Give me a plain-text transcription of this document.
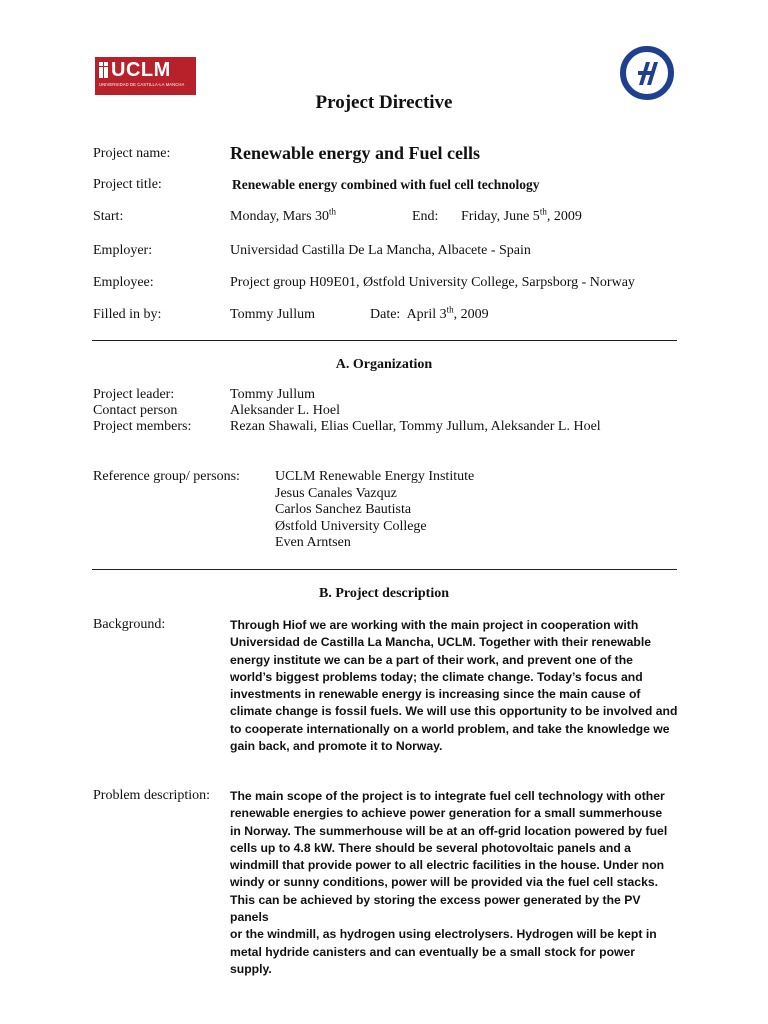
UCLM
UNIVERSIDAD DE CASTILLA-LA MANCHA
Project Directive
Project name:	Renewable energy and Fuel cells
Project title:	Renewable energy combined with fuel cell technology
Start:	Monday, Mars 30th	End: Friday, June 5th, 2009
Employer:	Universidad Castilla De La Mancha, Albacete - Spain
Employee:	Project group H09E01, Østfold University College, Sarpsborg - Norway
Filled in by:	Tommy Jullum	Date: April 3th, 2009
A. Organization
Project leader:	Tommy Jullum
Contact person	Aleksander L. Hoel
Project members:	Rezan Shawali, Elias Cuellar, Tommy Jullum, Aleksander L. Hoel
Reference group/ persons:	UCLM Renewable Energy Institute
Jesus Canales Vazquz
Carlos Sanchez Bautista
Østfold University College
Even Arntsen
B. Project description
Background:	Through Hiof we are working with the main project in cooperation with
Universidad de Castilla La Mancha, UCLM. Together with their renewable
energy institute we can be a part of their work, and prevent one of the
world’s biggest problems today; the climate change. Today’s focus and
investments in renewable energy is increasing since the main cause of
climate change is fossil fuels. We will use this opportunity to be involved and
to cooperate internationally on a world problem, and take the knowledge we
gain back, and promote it to Norway.
Problem description: The main scope of the project is to integrate fuel cell technology with other
renewable energies to achieve power generation for a small summerhouse
in Norway. The summerhouse will be at an off-grid location powered by fuel
cells up to 4.8 kW. There should be several photovoltaic panels and a
windmill that provide power to all electric facilities in the house. Under non
windy or sunny conditions, power will be provided via the fuel cell stacks.
This can be achieved by storing the excess power generated by the PV panels
or the windmill, as hydrogen using electrolysers. Hydrogen will be kept in
metal hydride canisters and can eventually be a small stock for power
supply.
